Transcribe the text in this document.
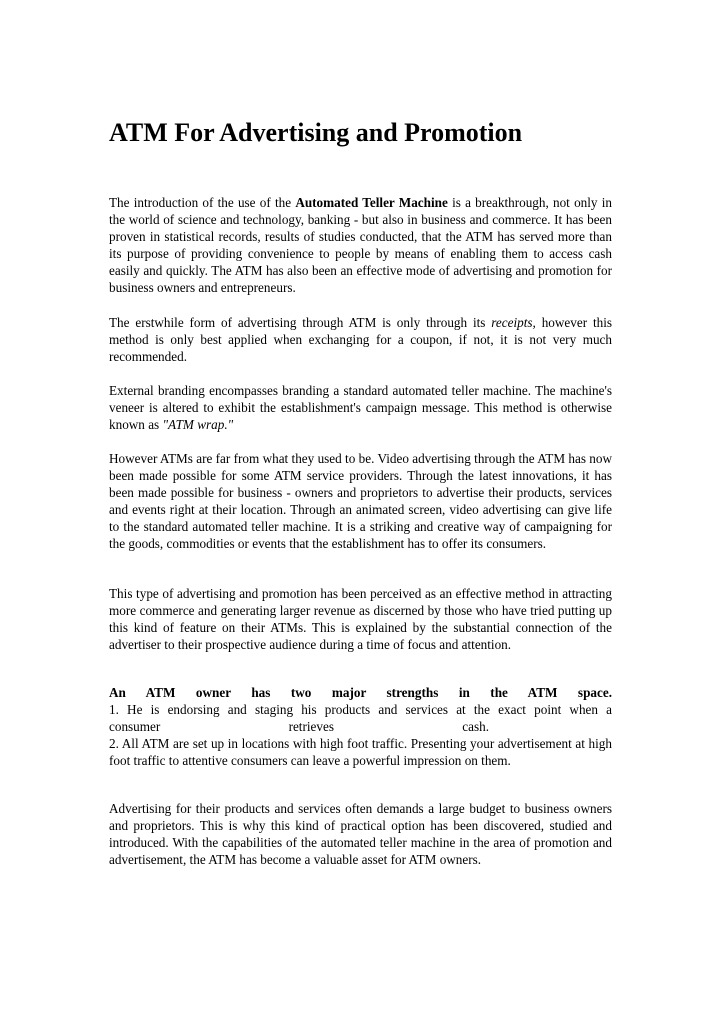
ATM For Advertising and Promotion

The introduction of the use of the Automated Teller Machine is a breakthrough, not only in the world of science and technology, banking - but also in business and commerce. It has been proven in statistical records, results of studies conducted, that the ATM has served more than its purpose of providing convenience to people by means of enabling them to access cash easily and quickly. The ATM has also been an effective mode of advertising and promotion for business owners and entrepreneurs.

The erstwhile form of advertising through ATM is only through its receipts, however this method is only best applied when exchanging for a coupon, if not, it is not very much recommended.

External branding encompasses branding a standard automated teller machine. The machine's veneer is altered to exhibit the establishment's campaign message. This method is otherwise known as "ATM wrap."

However ATMs are far from what they used to be. Video advertising through the ATM has now been made possible for some ATM service providers. Through the latest innovations, it has been made possible for business - owners and proprietors to advertise their products, services and events right at their location. Through an animated screen, video advertising can give life to the standard automated teller machine. It is a striking and creative way of campaigning for the goods, commodities or events that the establishment has to offer its consumers.

This type of advertising and promotion has been perceived as an effective method in attracting more commerce and generating larger revenue as discerned by those who have tried putting up this kind of feature on their ATMs. This is explained by the substantial connection of the advertiser to their prospective audience during a time of focus and attention.

An ATM owner has two major strengths in the ATM space.
1. He is endorsing and staging his products and services at the exact point when a
consumer retrieves cash.
2. All ATM are set up in locations with high foot traffic. Presenting your advertisement at high foot traffic to attentive consumers can leave a powerful impression on them.

Advertising for their products and services often demands a large budget to business owners and proprietors. This is why this kind of practical option has been discovered, studied and introduced. With the capabilities of the automated teller machine in the area of promotion and advertisement, the ATM has become a valuable asset for ATM owners.
